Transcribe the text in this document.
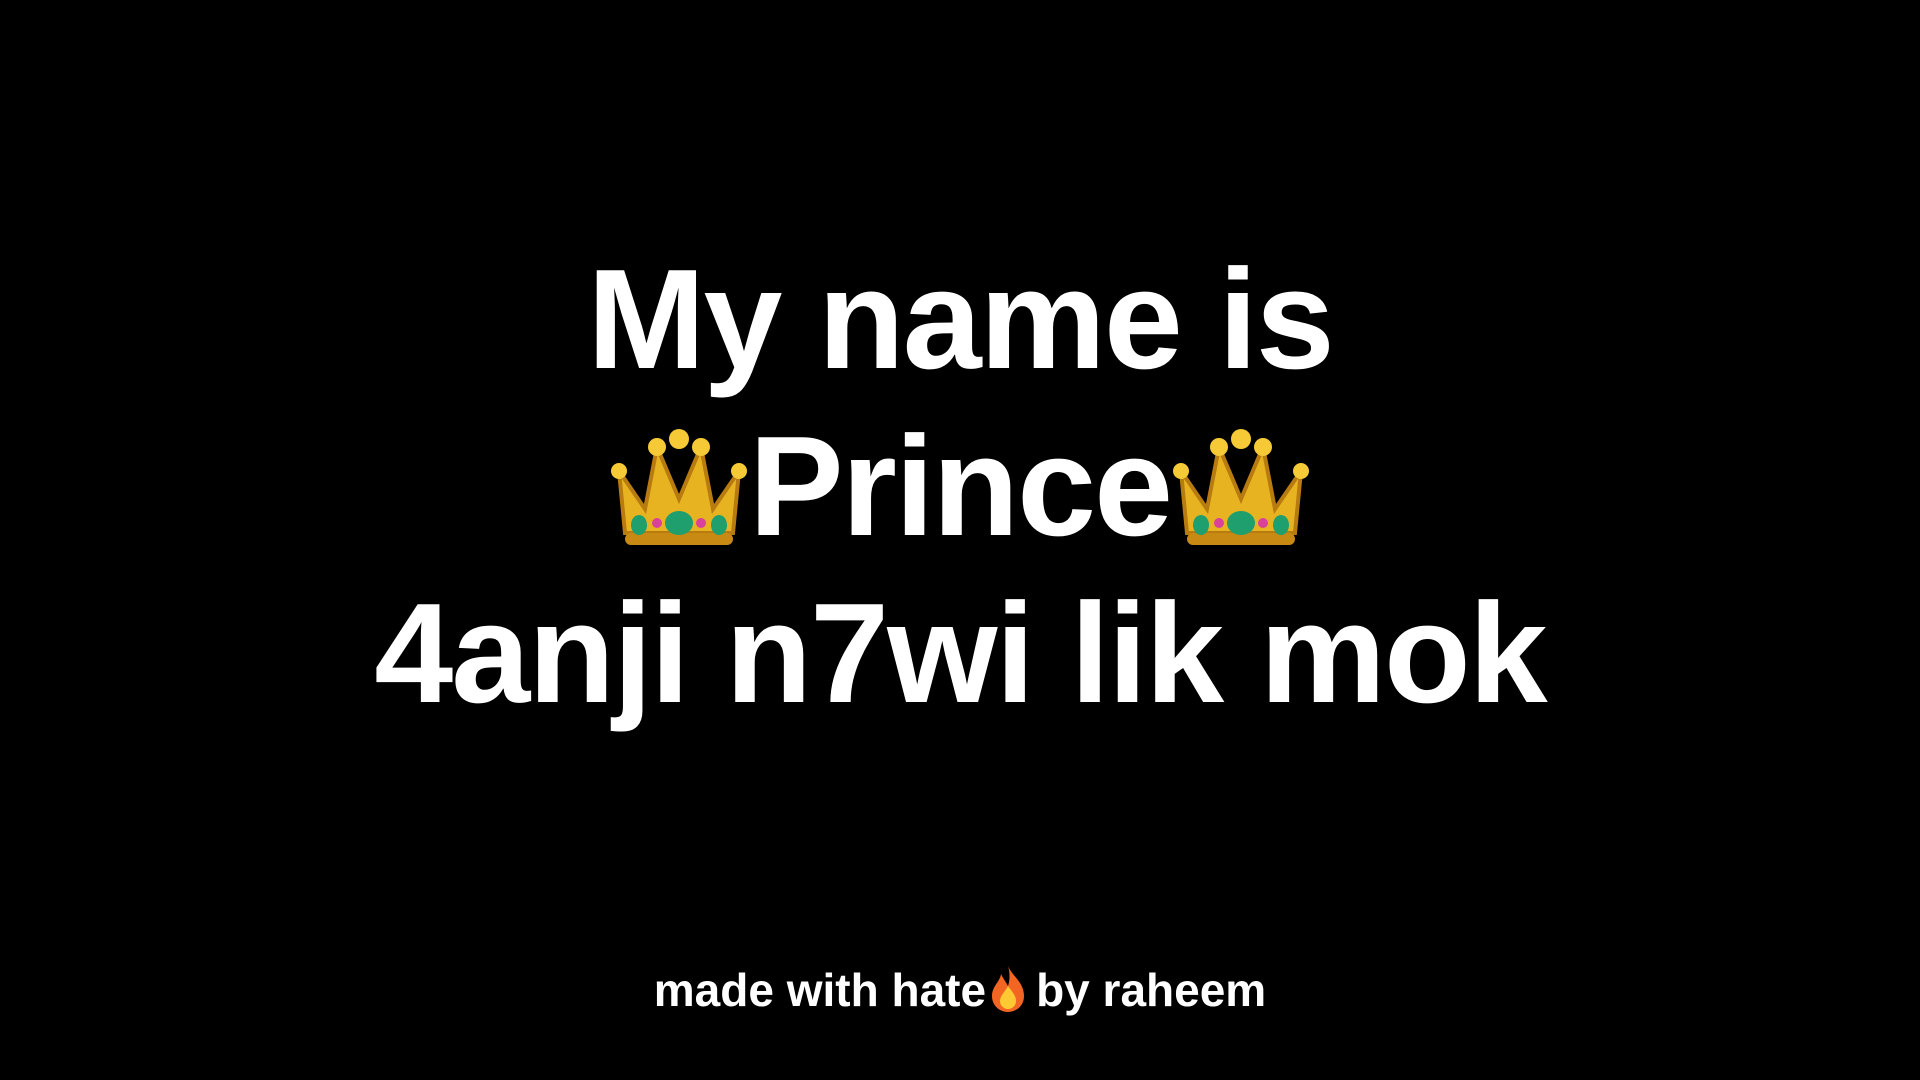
My name is
Prince
4anji n7wi lik mok
made with hate by raheem
